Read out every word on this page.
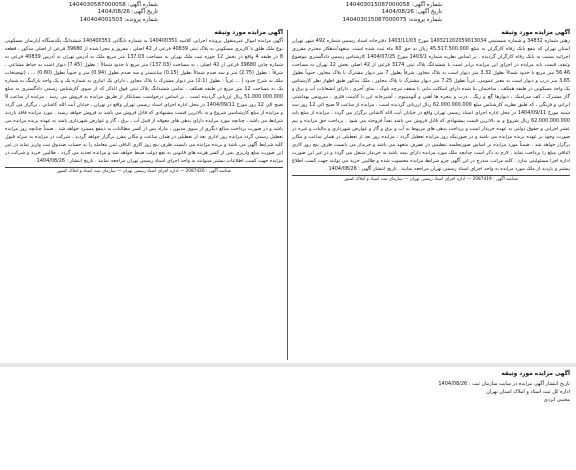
شماره آگهی: 1404030587000058
تاریخ آگهی: 1404/08/26
شماره پرونده: 140404001503
شماره آگهی: 140403015087000058
تاریخ آگهی: 1404/08/26
شماره پرونده: 140403015087000075
آگهی مزایده مورد وثیقه
آگهی مزایده اموال غیرمنقول پرونده اجرایی کلاسه 140400351 به شماره بایگانی 140400351 ششدانگ یکدستگاه آپارتمان مسکونی نوع ملک طلق با کاربری مسکونی به پلاک ثبتی 40839 فرعی از 42 اصلی ، مفروز و مجزا شده از 39680 فرعی از اصلی مذکور ، قطعه 8 در طبقه 4 واقع در بخش 12 حوزه ثبت ملک تهران به مساحت 137.03 متر مربع ملک به آدرس تهران به آدرس 40839 فرعی به شماره چاپی 39680 فرعی از 42 اصلی ، به مساحت (137.03) متر مربع با حدود شمالاً : بطول (7.45) دیوار است به حیاط مشاعی ، شرقاً : بطول (2.75) متر و سه صدم شمالاً بطول (0.15) سانتیمتر و سه صدم بطول (0.94) متر و جنوباً بطول (0.60) ... ، (توضیحات ملک به شرح حدود ) ... غرباً : بطول (2.1) متر دیوار مشترک با پلاک مجاور ، دارای یک انباری به شماره یک و یک واحد پارکینگ به شماره یک به مساحت 12 متر مربع در طبقه همکف ، تمامی ششدانگ پلاک ثبتی فوق الذکر که از سوی کارشناس رسمی دادگستری به مبلغ 51.000.000.000 ریال ارزیابی گردیده است ، بر اساس درخواست بستانکار از طریق مزایده به فروش می رسد . مزایده از ساعت 9 صبح الی 12 روز مورخ 1404/09/11 در محل اداره اجرای اسناد رسمی تهران واقع در تهران ، خیابان آیت الله کاشانی ، برگزار می گردد و مزایده از مبلغ کارشناسی شروع و به بالاترین قیمت پیشنهادی که قابل فروش می باشد به فروش خواهد رسید . مورد مزایده فاقد بازدید شرایط می باشد ، چنانچه مورد مزایده دارای بدهی های معوقه از قبیل آب ، برق ، گاز و عوارض شهرداری باشد به عهده برنده مزایده می باشد و در صورت پرداخت مبالغ دیگری از سوی مدیون ، مازاد پس از کسر مطالبات به ذینفع مسترد خواهد شد . ضمناً چنانچه روز مزایده تعطیل رسمی گردد مزایده روز اداری بعد از تعطیلی در همان ساعت و مکان مقرر برگزار خواهد گردید . شرکت در مزایده به منزله قبول کلیه شرایط آگهی می باشد و برنده مزایده می بایست ظرف پنج روز کاری الباقی ثمن معامله را به حساب صندوق ثبت واریز نماید در غیر این صورت مبلغ واریزی پس از کسر هزینه های قانونی به نفع دولت ضبط خواهد شد و مزایده تجدید می گردد . طالبین خرید و شرکت در مزایده جهت کسب اطلاعات بیشتر میتوانند به واحد اجرای اسناد رسمی تهران مراجعه نمایند . تاریخ انتشار : 1404/08/26 .
شناسه آگهی : 2087420 — اداره اجرای اسناد رسمی تهران — سازمان ثبت اسناد و املاک کشور
آگهی مزایده مورد وثیقه
رهنی شماره 34832 و شماره سیستمی 140321202059013034 مورخ 1403/11/03 دفترخانه اسناد رسمی شماره 492 شهر تهران استان تهران که بنفع بانک رفاه کارگران به مبلغ 45.517.500.000 ریال به حق 60 ماه ثبت شده است. متعهد/بدهکار محترم مقرری اجرائیه نسبت به بانک رفاه کارگران گردیده . بر اساس نظریه شماره 1403/1 مورخ 1404/07/25 کارشناس رسمی دادگستری موضوع وثیقه، قیمت پایه مزایده در اجرای این مزایده برابر است با ششدانگ پلاک ثبتی 3174 فرعی از 42 اصلی بخش 12 تهران به مساحت 56.46 متر مربع با حدود شمالاً بطول 3.32 متر دیوار است به پلاک مجاور، شرقاً بطول 7 متر دیوار مشترک با پلاک مجاور، جنوباً بطول 3.65 متر درب و دیوار است به معبر عمومی، غرباً بطول 7.25 متر دیوار مشترک با پلاک مجاور ، ملک مذکور طبق اظهار نظر کارشناس یک واحد مسکونی در طبقه همکف ، ساختمان بنا شده دارای اسکلت بنایی با سقف تیرچه بلوک ، نمای آجری ، دارای انشعابات آب و برق و گاز مشترک ، کف سرامیک ، دیوارها گچ و رنگ ، درب و پنجره ها آهنی و آلومینیوم ، آشپزخانه اپن با کابینت فلزی ، سرویس بهداشتی ایرانی و فرنگی ، که طبق نظریه کارشناس مبلغ 62.000.000.000 ریال ارزیابی گردیده است . مزایده از ساعت 9 صبح الی 12 روز سه شنبه مورخ 1404/09/11 در محل اداره اجرای اسناد رسمی تهران واقع در خیابان آیت الله کاشانی برگزار می گردد . مزایده از مبلغ پایه 62.000.000.000 ریال شروع و به بالاترین قیمت پیشنهادی که قابل فروش می باشد نقداً فروخته می شود . پرداخت حق مزایده و نیم عشر اجرایی و حقوق دولتی به عهده خریدار است و پرداخت بدهی های مربوط به آب و برق و گاز و عوارض شهرداری و مالیات و غیره در صورت وجود بر عهده برنده مزایده می باشد و در صورتیکه روز مزایده تعطیل گردد ، مزایده روز بعد از تعطیلی در همان ساعت و مکان برگزار خواهد شد . ضمناً مورد مزایده بر اساس صورتجلسه تنظیمی در تصرف متعهد می باشد و خریدار می بایست ظرف پنج روز کاری الباقی مبلغ را پرداخت نماید . لازم به ذکر است چنانچه ملک مورد مزایده دارای بیمه باشد به خریدار منتقل می گردد و در غیر این صورت اداره اجرا مسئولیتی ندارد . کلیه مراتب مندرج در این آگهی جزو شرایط مزایده محسوب شده و طالبین خرید می توانند جهت کسب اطلاع بیشتر و بازدید از ملک مورد مزایده به واحد اجرای اسناد رسمی تهران مراجعه نمایند . تاریخ انتشار آگهی : 1404/08/26 .
شناسه آگهی : 2087419 — اداره اجرای اسناد رسمی تهران — سازمان ثبت اسناد و املاک کشور
آگهی مزایده مورد وثیقه
تاریخ انتشار آگهی مزایده در سایت سازمان ثبت : 1404/08/26
اداره کل ثبت اسناد و املاک استان تهران
مجتبی ایزدی
